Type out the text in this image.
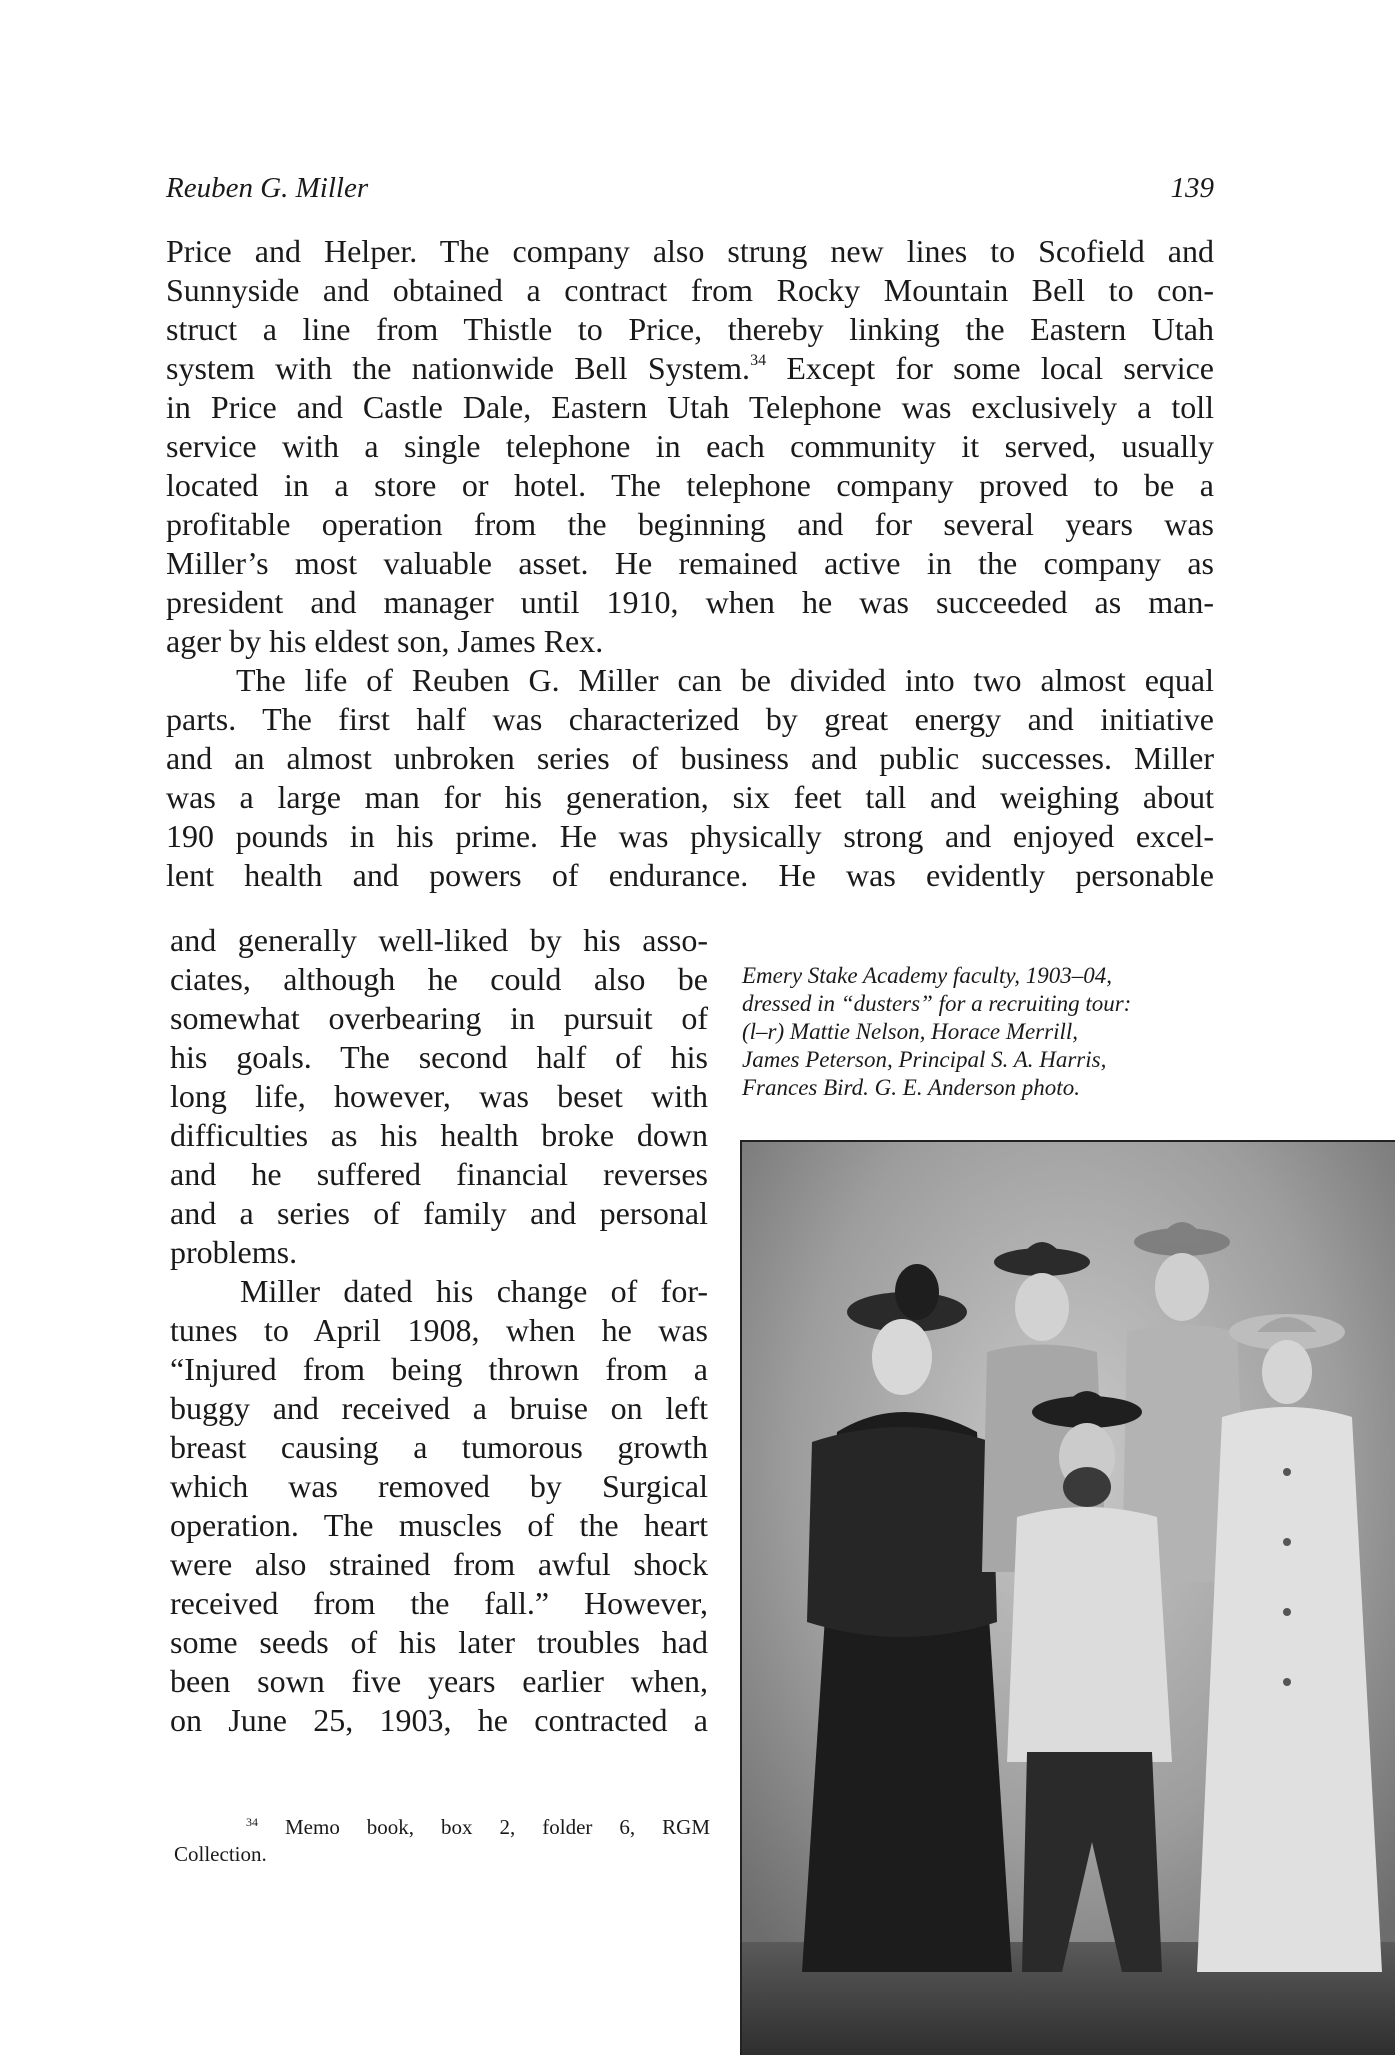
Reuben G. Miller	139
Price and Helper. The company also strung new lines to Scofield and
Sunnyside and obtained a contract from Rocky Mountain Bell to con-
struct a line from Thistle to Price, thereby linking the Eastern Utah
system with the nationwide Bell System.$^{34}$ Except for some local service
in Price and Castle Dale, Eastern Utah Telephone was exclusively a toll
service with a single telephone in each community it served, usually
located in a store or hotel. The telephone company proved to be a
profitable operation from the beginning and for several years was
Miller’s most valuable asset. He remained active in the company as
president and manager until 1910, when he was succeeded as man-
ager by his eldest son, James Rex.
The life of Reuben G. Miller can be divided into two almost equal
parts. The first half was characterized by great energy and initiative
and an almost unbroken series of business and public successes. Miller
was a large man for his generation, six feet tall and weighing about
190 pounds in his prime. He was physically strong and enjoyed excel-
lent health and powers of endurance. He was evidently personable
and generally well-liked by his asso-
ciates, although he could also be
somewhat overbearing in pursuit of
his goals. The second half of his
long life, however, was beset with
difficulties as his health broke down
and he suffered financial reverses
and a series of family and personal
problems.
Miller dated his change of for-
tunes to April 1908, when he was
“Injured from being thrown from a
buggy and received a bruise on left
breast causing a tumorous growth
which was removed by Surgical
operation. The muscles of the heart
were also strained from awful shock
received from the fall.” However,
some seeds of his later troubles had
been sown five years earlier when,
on June 25, 1903, he contracted a
Emery Stake Academy faculty, 1903–04,
dressed in “dusters” for a recruiting tour:
(l–r) Mattie Nelson, Horace Merrill,
James Peterson, Principal S. A. Harris,
Frances Bird. G. E. Anderson photo.
$^{34}$ Memo book, box 2, folder 6, RGM
Collection.
